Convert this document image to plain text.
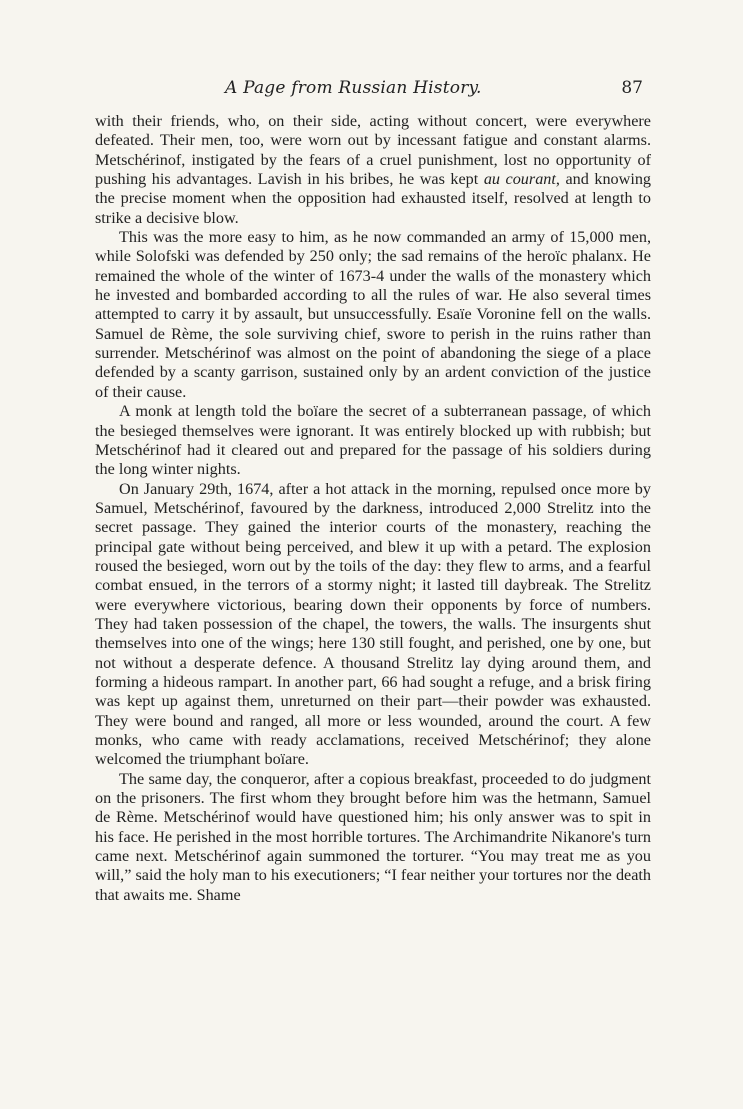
A Page from Russian History.	87

with their friends, who, on their side, acting without concert, were everywhere defeated. Their men, too, were worn out by incessant fatigue and constant alarms. Metschérinof, instigated by the fears of a cruel punishment, lost no opportunity of pushing his advantages. Lavish in his bribes, he was kept au courant, and knowing the precise moment when the opposition had exhausted itself, resolved at length to strike a decisive blow.

This was the more easy to him, as he now commanded an army of 15,000 men, while Solofski was defended by 250 only; the sad remains of the heroïc phalanx. He remained the whole of the winter of 1673-4 under the walls of the monastery which he invested and bombarded according to all the rules of war. He also several times attempted to carry it by assault, but unsuccessfully. Esaïe Voronine fell on the walls. Samuel de Rème, the sole surviving chief, swore to perish in the ruins rather than surrender. Metschérinof was almost on the point of abandoning the siege of a place defended by a scanty garrison, sustained only by an ardent conviction of the justice of their cause.

A monk at length told the boïare the secret of a subterranean passage, of which the besieged themselves were ignorant. It was entirely blocked up with rubbish; but Metschérinof had it cleared out and prepared for the passage of his soldiers during the long winter nights.

On January 29th, 1674, after a hot attack in the morning, repulsed once more by Samuel, Metschérinof, favoured by the darkness, introduced 2,000 Strelitz into the secret passage. They gained the interior courts of the monastery, reaching the principal gate without being perceived, and blew it up with a petard. The explosion roused the besieged, worn out by the toils of the day: they flew to arms, and a fearful combat ensued, in the terrors of a stormy night; it lasted till daybreak. The Strelitz were everywhere victorious, bearing down their opponents by force of numbers. They had taken possession of the chapel, the towers, the walls. The insurgents shut themselves into one of the wings; here 130 still fought, and perished, one by one, but not without a desperate defence. A thousand Strelitz lay dying around them, and forming a hideous rampart. In another part, 66 had sought a refuge, and a brisk firing was kept up against them, unreturned on their part—their powder was exhausted. They were bound and ranged, all more or less wounded, around the court. A few monks, who came with ready acclamations, received Metschérinof; they alone welcomed the triumphant boïare.

The same day, the conqueror, after a copious breakfast, proceeded to do judgment on the prisoners. The first whom they brought before him was the hetmann, Samuel de Rème. Metschérinof would have questioned him; his only answer was to spit in his face. He perished in the most horrible tortures. The Archimandrite Nikanore's turn came next. Metschérinof again summoned the torturer. “You may treat me as you will,” said the holy man to his executioners; “I fear neither your tortures nor the death that awaits me. Shame
